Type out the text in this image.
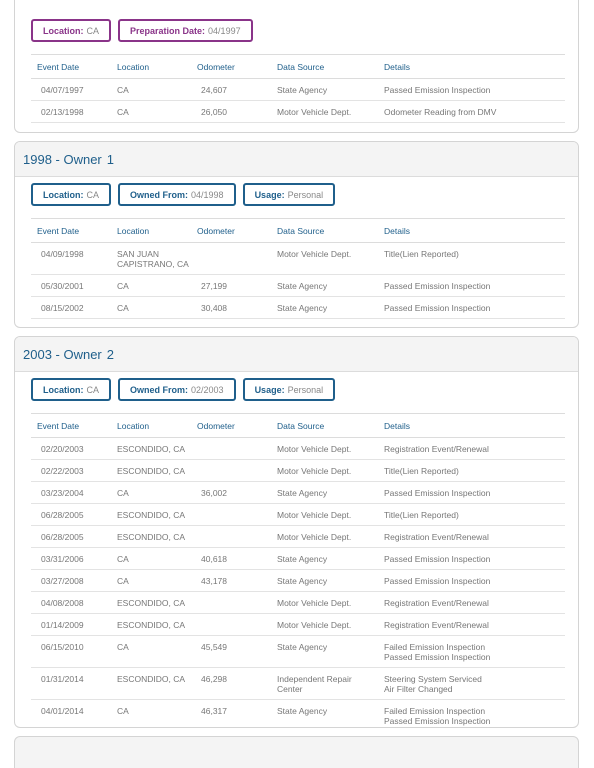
Location: CA	Preparation Date: 04/1997
Event Date	Location	Odometer	Data Source	Details

04/07/1997	CA	24,607	State Agency	Passed Emission Inspection

02/13/1998	CA	26,050	Motor Vehicle Dept.	Odometer Reading from DMV
1998 - Owner 1
Location: CA	Owned From: 04/1998	Usage: Personal
Event Date	Location	Odometer	Data Source	Details

04/09/1998	SAN JUAN
CAPISTRANO, CA		Motor Vehicle Dept.	Title(Lien Reported)

05/30/2001	CA	27,199	State Agency	Passed Emission Inspection

08/15/2002	CA	30,408	State Agency	Passed Emission Inspection
2003 - Owner 2
Location: CA	Owned From: 02/2003	Usage: Personal
Event Date	Location	Odometer	Data Source	Details

02/20/2003	ESCONDIDO, CA		Motor Vehicle Dept.	Registration Event/Renewal

02/22/2003	ESCONDIDO, CA		Motor Vehicle Dept.	Title(Lien Reported)

03/23/2004	CA	36,002	State Agency	Passed Emission Inspection

06/28/2005	ESCONDIDO, CA		Motor Vehicle Dept.	Title(Lien Reported)

06/28/2005	ESCONDIDO, CA		Motor Vehicle Dept.	Registration Event/Renewal

03/31/2006	CA	40,618	State Agency	Passed Emission Inspection

03/27/2008	CA	43,178	State Agency	Passed Emission Inspection

04/08/2008	ESCONDIDO, CA		Motor Vehicle Dept.	Registration Event/Renewal

01/14/2009	ESCONDIDO, CA		Motor Vehicle Dept.	Registration Event/Renewal

06/15/2010	CA	45,549	State Agency	Failed Emission Inspection
Passed Emission Inspection

01/31/2014	ESCONDIDO, CA	46,298	Independent Repair
Center	Steering System Serviced
Air Filter Changed

04/01/2014	CA	46,317	State Agency	Failed Emission Inspection
Passed Emission Inspection
